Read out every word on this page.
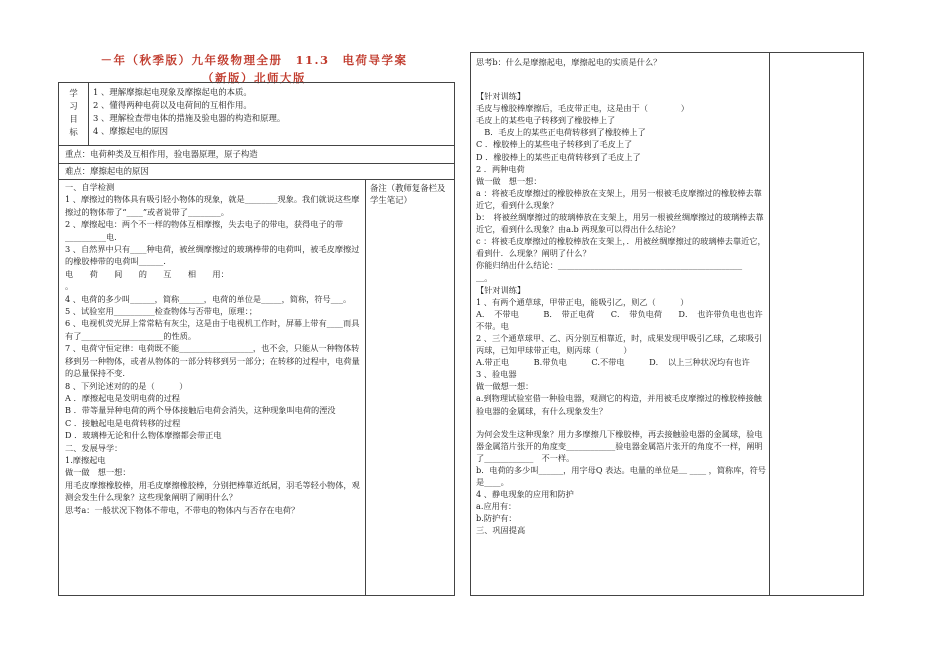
－年（秋季版）九年级物理全册　11.3　电荷导学案
（新版）北师大版
学
习
目
标
1 、理解摩擦起电现象及摩擦起电的本质。
2 、懂得两种电荷以及电荷间的互相作用。
3 、理解检查带电体的措施及验电器的构造和原理。
4 、摩擦起电的原因
重点：电荷种类及互相作用，验电器原理，原子构造
难点：摩擦起电的原因
备注（教师复备栏及学生笔记）

一、自学检测

1 、摩擦过的物体具有吸引轻小物体的现象，就是________现象。我们就说这些摩擦过的物体带了“____”或者说带了________。

2 、摩擦起电：两个不一样的物体互相摩擦，失去电子的带电，获得电子的带__________电.

3 、自然界中只有____种电荷，被丝绸摩擦过的玻璃棒带的电荷叫，被毛皮摩擦过的橡胶棒带的电荷叫______.

电　　荷　　间　　的　　互　　相　　用：

。

4 、电荷的多少叫______，简称______，电荷的单位是_____，简称，符号___。

5 、试验室用__________检查物体与否带电，原理：；

6 、电视机荧光屏上常常粘有灰尘，这是由于电视机工作时，屏幕上带有____而具有了____________________的性质。

7 、电荷守恒定律：电荷既不能__________________，也不会，只能从一种物体转移到另一种物体，或者从物体的一部分转移到另一部分；在转移的过程中，电荷量的总量保持不变.

8 、下列论述对的的是（　　　）

A ．摩擦起电是发明电荷的过程

B ．带等量异种电荷的两个导体接触后电荷会消失，这种现象叫电荷的湮没

C ．接触起电是电荷转移的过程

D ．玻璃棒无论和什么物体摩擦都会带正电

二、发展导学：

1.摩擦起电

做一做　想一想：

用毛皮摩擦橡胶棒，用毛皮摩擦橡胶棒，分别把棒靠近纸屑，羽毛等轻小物体，观测会发生什么现象？这些现象阐明了阐明什么？

思考a：一般状况下物体不带电，不带电的物体内与否存在电荷？

思考b：什么是摩擦起电，摩擦起电的实质是什么？

【针对训练】

毛皮与橡胶棒摩擦后，毛皮带正电，这是由于（　　　　）

毛皮上的某些电子转移到了橡胶棒上了

　B．毛皮上的某些正电荷转移到了橡胶棒上了

C ．橡胶棒上的某些电子转移到了毛皮上了

D ．橡胶棒上的某些正电荷转移到了毛皮上了

2 ．两种电荷

做一做　想一想：

a ：将被毛皮摩擦过的橡胶棒放在支架上，用另一根被毛皮摩擦过的橡胶棒去靠近它，看到什么现象？

b：　将被丝绸摩擦过的玻璃棒放在支架上，用另一根被丝绸摩擦过的玻璃棒去靠近它，看到什么现象？由a.b 两现象可以得出什么结论？

c ：将被毛皮摩擦过的橡胶棒放在支架上，．用被丝绸摩擦过的玻璃棒去靠近它，看到什．么现象？阐明了什么？

你能归纳出什么结论：_____________________________________________

＿。

【针对训练】

1 、有两个通草球，甲带正电，能吸引乙，则乙（　　　）

A．　不带电　　　B．　带正电荷　　C．　带负电荷　　D．　也许带负电也也许不带。电

2 、三个通草球甲、乙、丙分别互相靠近，时，成果发现甲吸引乙球，乙球吸引丙球，已知甲球带正电，则丙球（　　　）

A.带正电　　　B.带负电　　　C.不带电　　　D．　以上三种状况均有也许

3 、验电器

做一做想一想：

a.到物理试验室借一种验电器，观测它的构造，并用被毛皮摩擦过的橡胶棒接触验电器的金属球，有什么现象发生？

为何会发生这种现象？用力多摩擦几下橡胶棒，再去接触验电器的金属球，验电器金属箔片张开的角度变____________验电器金属箔片张开的角度不一样，阐明了____________　不一样。

b．电荷的多少叫______，用字母Q 表达。电量的单位是＿ ____ ，简称库，符号是____。

4 、静电现象的应用和防护

a.应用有：

b.防护有：

三、巩固提高
